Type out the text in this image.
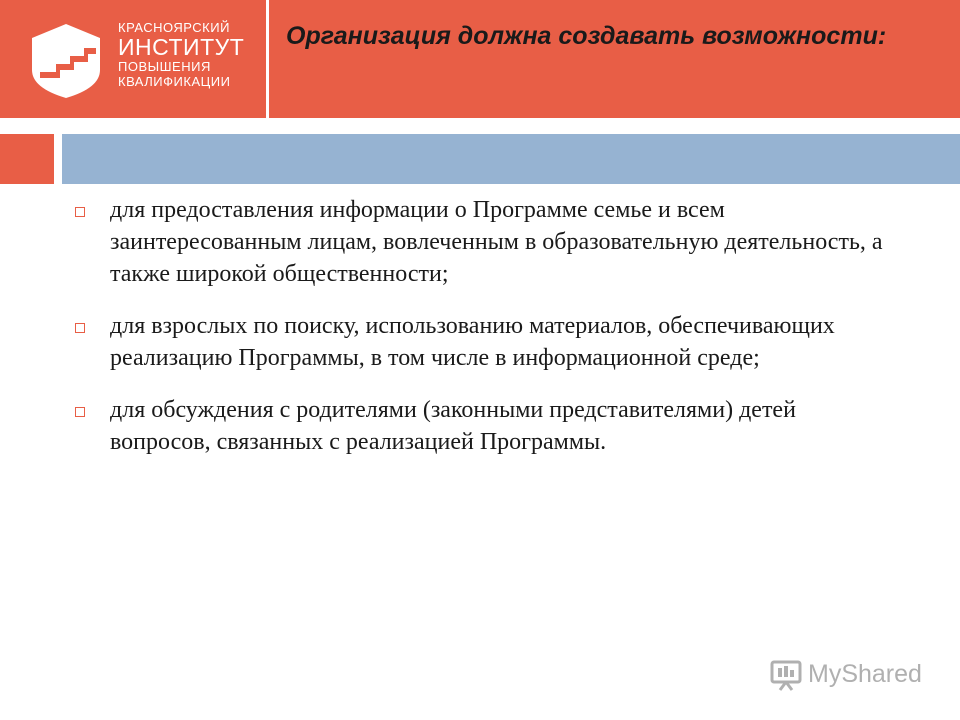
КРАСНОЯРСКИЙ
ИНСТИТУТ
ПОВЫШЕНИЯ
КВАЛИФИКАЦИИ
Организация должна создавать возможности:
для предоставления информации о Программе семье и всем заинтересованным лицам, вовлеченным в образовательную деятельность, а также широкой общественности;
для взрослых по поиску, использованию материалов, обеспечивающих реализацию Программы, в том числе в информационной среде;
для обсуждения с родителями (законными представителями) детей вопросов, связанных с реализацией Программы.
MyShared
